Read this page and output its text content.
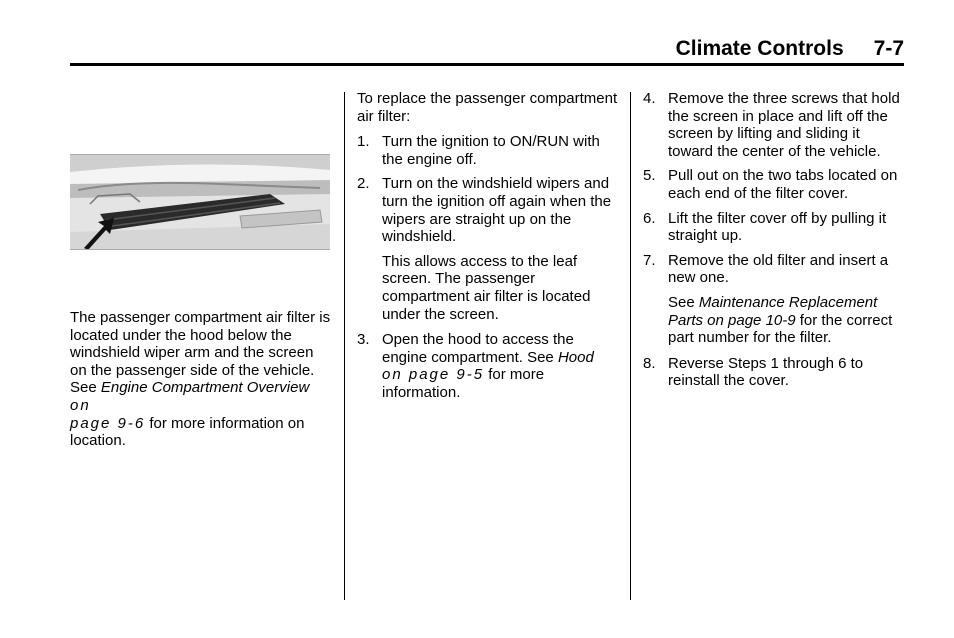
Climate Controls 7-7
The passenger compartment air filter is located under the hood below the windshield wiper arm and the screen on the passenger side of the vehicle. See Engine Compartment Overview on
page 9-6 for more information on location.

To replace the passenger compartment air filter:

1. Turn the ignition to ON/RUN with the engine off.
2. Turn on the windshield wipers and turn the ignition off again when the wipers are straight up on the windshield.

This allows access to the leaf screen. The passenger compartment air filter is located under the screen.

3. Open the hood to access the engine compartment. See Hood
on page 9-5 for more information.
4. Remove the three screws that hold the screen in place and lift off the screen by lifting and sliding it toward the center of the vehicle.
5. Pull out on the two tabs located on each end of the filter cover.
6. Lift the filter cover off by pulling it straight up.
7. Remove the old filter and insert a new one.

See Maintenance Replacement Parts on page 10-9 for the correct part number for the filter.

8. Reverse Steps 1 through 6 to reinstall the cover.
